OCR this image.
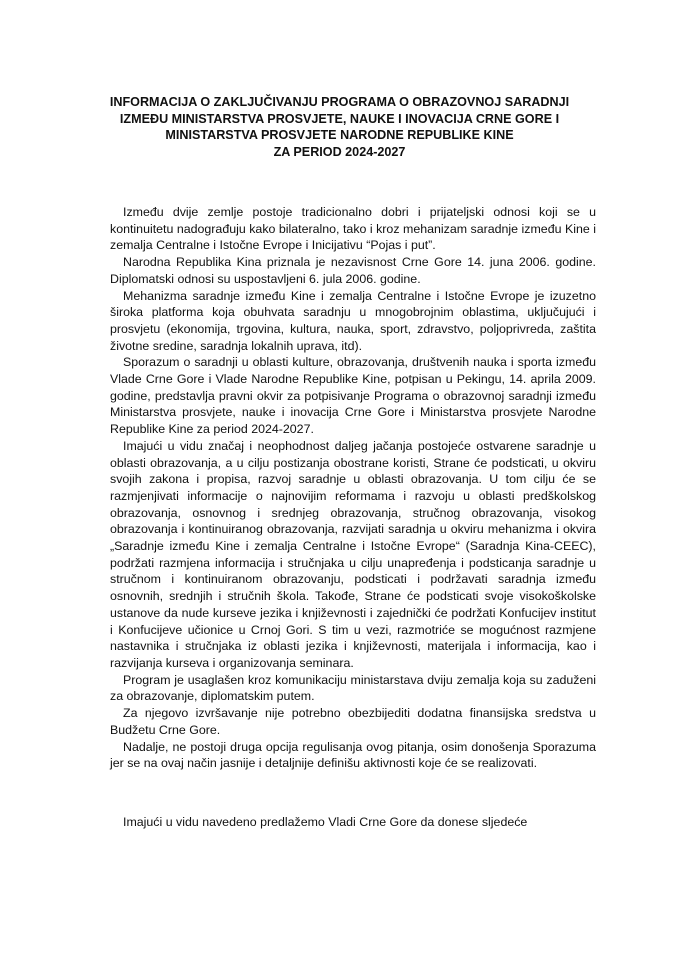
INFORMACIJA O ZAKLJUČIVANJU PROGRAMA O OBRAZOVNOJ SARADNJI
IZMEĐU MINISTARSTVA PROSVJETE, NAUKE I INOVACIJA CRNE GORE I
MINISTARSTVA PROSVJETE NARODNE REPUBLIKE KINE
ZA PERIOD 2024-2027

Između dvije zemlje postoje tradicionalno dobri i prijateljski odnosi koji se u kontinuitetu nadograđuju kako bilateralno, tako i kroz mehanizam saradnje između Kine i zemalja Centralne i Istočne Evrope i Inicijativu “Pojas i put”.

Narodna Republika Kina priznala je nezavisnost Crne Gore 14. juna 2006. godine. Diplomatski odnosi su uspostavljeni 6. jula 2006. godine.

Mehanizma saradnje između Kine i zemalja Centralne i Istočne Evrope je izuzetno široka platforma koja obuhvata saradnju u mnogobrojnim oblastima, uključujući i prosvjetu (ekonomija, trgovina, kultura, nauka, sport, zdravstvo, poljoprivreda, zaštita životne sredine, saradnja lokalnih uprava, itd).

Sporazum o saradnji u oblasti kulture, obrazovanja, društvenih nauka i sporta između Vlade Crne Gore i Vlade Narodne Republike Kine, potpisan u Pekingu, 14. aprila 2009. godine, predstavlja pravni okvir za potpisivanje Programa o obrazovnoj saradnji između Ministarstva prosvjete, nauke i inovacija Crne Gore i Ministarstva prosvjete Narodne Republike Kine za period 2024-2027.

Imajući u vidu značaj i neophodnost daljeg jačanja postojeće ostvarene saradnje u oblasti obrazovanja, a u cilju postizanja obostrane koristi, Strane će podsticati, u okviru svojih zakona i propisa, razvoj saradnje u oblasti obrazovanja. U tom cilju će se razmjenjivati informacije o najnovijim reformama i razvoju u oblasti predškolskog obrazovanja, osnovnog i srednjeg obrazovanja, stručnog obrazovanja, visokog obrazovanja i kontinuiranog obrazovanja, razvijati saradnja u okviru mehanizma i okvira „Saradnje između Kine i zemalja Centralne i Istočne Evrope“ (Saradnja Kina-CEEC), podržati razmjena informacija i stručnjaka u cilju unapređenja i podsticanja saradnje u stručnom i kontinuiranom obrazovanju, podsticati i podržavati saradnja između osnovnih, srednjih i stručnih škola. Takođe, Strane će podsticati svoje visokoškolske ustanove da nude kurseve jezika i književnosti i zajednički će podržati Konfucijev institut i Konfucijeve učionice u Crnoj Gori. S tim u vezi, razmotriće se mogućnost razmjene nastavnika i stručnjaka iz oblasti jezika i književnosti, materijala i informacija, kao i razvijanja kurseva i organizovanja seminara.

Program je usaglašen kroz komunikaciju ministarstava dviju zemalja koja su zaduženi za obrazovanje, diplomatskim putem.

Za njegovo izvršavanje nije potrebno obezbijediti dodatna finansijska sredstva u Budžetu Crne Gore.

Nadalje, ne postoji druga opcija regulisanja ovog pitanja, osim donošenja Sporazuma jer se na ovaj način jasnije i detaljnije definišu aktivnosti koje će se realizovati.

Imajući u vidu navedeno predlažemo Vladi Crne Gore da donese sljedeće
